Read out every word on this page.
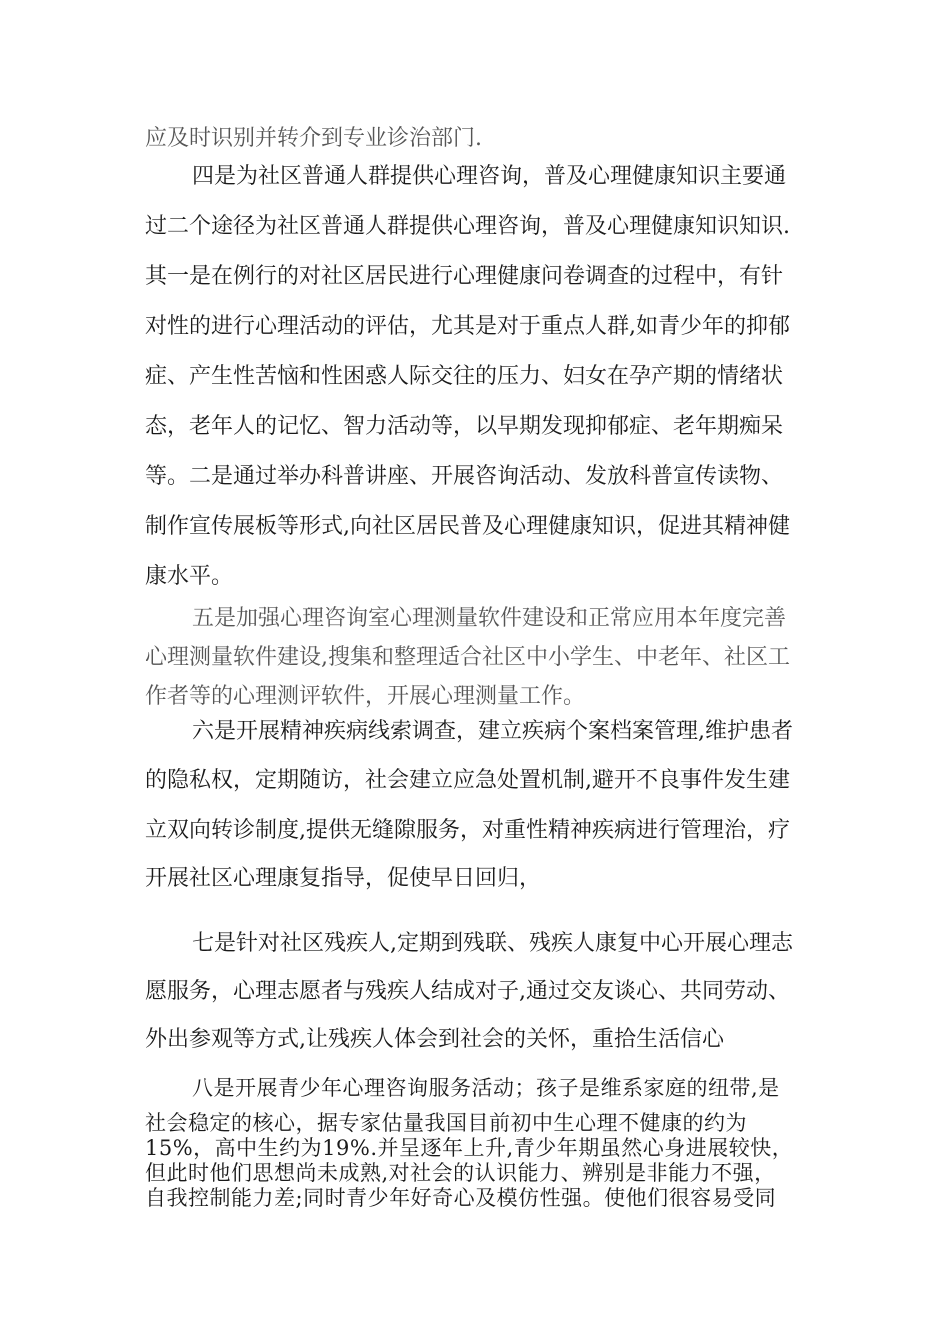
应及时识别并转介到专业诊治部门.
四是为社区普通人群提供心理咨询，普及心理健康知识主要通
过二个途径为社区普通人群提供心理咨询，普及心理健康知识知识.
其一是在例行的对社区居民进行心理健康问卷调查的过程中，有针
对性的进行心理活动的评估，尤其是对于重点人群,如青少年的抑郁
症、产生性苦恼和性困惑人际交往的压力、妇女在孕产期的情绪状
态，老年人的记忆、智力活动等，以早期发现抑郁症、老年期痴呆
等。二是通过举办科普讲座、开展咨询活动、发放科普宣传读物、
制作宣传展板等形式,向社区居民普及心理健康知识，促进其精神健
康水平。
五是加强心理咨询室心理测量软件建设和正常应用本年度完善
心理测量软件建设,搜集和整理适合社区中小学生、中老年、社区工
作者等的心理测评软件，开展心理测量工作。
六是开展精神疾病线索调查，建立疾病个案档案管理,维护患者
的隐私权，定期随访，社会建立应急处置机制,避开不良事件发生建
立双向转诊制度,提供无缝隙服务，对重性精神疾病进行管理治，疗
开展社区心理康复指导，促使早日回归，
七是针对社区残疾人,定期到残联、残疾人康复中心开展心理志
愿服务，心理志愿者与残疾人结成对子,通过交友谈心、共同劳动、
外出参观等方式,让残疾人体会到社会的关怀，重拾生活信心
八是开展青少年心理咨询服务活动；孩子是维系家庭的纽带,是
社会稳定的核心，据专家估量我国目前初中生心理不健康的约为
15%，高中生约为19%.并呈逐年上升,青少年期虽然心身进展较快，
但此时他们思想尚未成熟,对社会的认识能力、辨别是非能力不强，
自我控制能力差;同时青少年好奇心及模仿性强。使他们很容易受同
